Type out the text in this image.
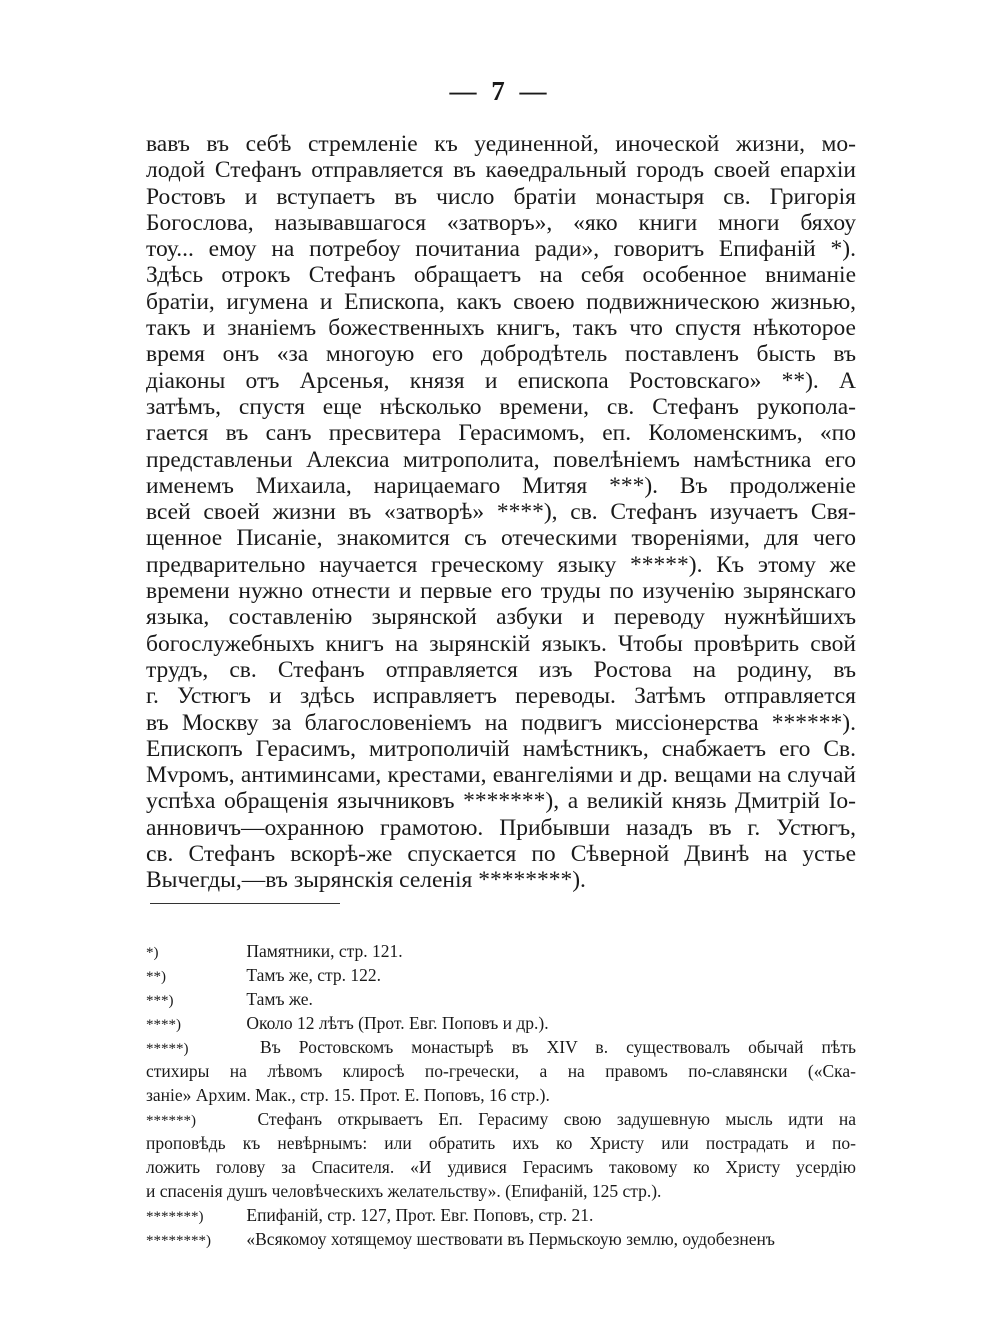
— 7 —
вавъ въ себѣ стремленіе къ уединенной, иноческой жизни, мо-
лодой Стефанъ отправляется въ каѳедральный городъ своей епархіи
Ростовъ и вступаетъ въ число братіи монастыря св. Григорія
Богослова, называвшагося «затворъ», «яко книги многи бяхоу
тоу... емоу на потребоу почитаниа ради», говоритъ Епифаній *).
Здѣсь отрокъ Стефанъ обращаетъ на себя особенное вниманіе
братіи, игумена и Епископа, какъ своею подвижническою жизнью,
такъ и знаніемъ божественныхъ книгъ, такъ что спустя нѣкоторое
время онъ «за многоую его добродѣтель поставленъ бысть въ
діаконы отъ Арсенья, князя и епископа Ростовскаго» **). А
затѣмъ, спустя еще нѣсколько времени, св. Стефанъ рукопола-
гается въ санъ пресвитера Герасимомъ, еп. Коломенскимъ, «по
представленьи Алексиа митрополита, повелѣніемъ намѣстника его
именемъ Михаила, нарицаемаго Митяя ***). Въ продолженіе
всей своей жизни въ «затворѣ» ****), св. Стефанъ изучаетъ Свя-
щенное Писаніе, знакомится съ отеческими твореніями, для чего
предварительно научается греческому языку *****). Къ этому же
времени нужно отнести и первые его труды по изученію зырянскаго
языка, составленію зырянской азбуки и переводу нужнѣйшихъ
богослужебныхъ книгъ на зырянскій языкъ. Чтобы провѣрить свой
трудъ, св. Стефанъ отправляется изъ Ростова на родину, въ
г. Устюгъ и здѣсь исправляетъ переводы. Затѣмъ отправляется
въ Москву за благословеніемъ на подвигъ миссіонерства ******).
Епископъ Герасимъ, митрополичій намѣстникъ, снабжаетъ его Св.
Мvромъ, антиминсами, крестами, евангеліями и др. вещами на случай
успѣха обращенія язычниковъ *******), а великій князь Дмитрій Іо-
анновичъ—охранною грамотою. Прибывши назадъ въ г. Устюгъ,
св. Стефанъ вскорѣ-же спускается по Сѣверной Двинѣ на устье
Вычегды,—въ зырянскія селенія ********).
*)	Памятники, стр. 121.
**)	Тамъ же, стр. 122.
***)	Тамъ же.
****)	Около 12 лѣтъ (Прот. Евг. Поповъ и др.).
*****)	Въ Ростовскомъ монастырѣ въ XIV в. существовалъ обычай пѣть
стихиры на лѣвомъ клиросѣ по-гречески, а на правомъ по-славянски («Ска-
заніе» Архим. Мак., стр. 15. Прот. Е. Поповъ, 16 стр.).
******)	Стефанъ открываетъ Еп. Герасиму свою задушевную мысль идти на
проповѣдь къ невѣрнымъ: или обратить ихъ ко Христу или пострадать и по-
ложить голову за Спасителя. «И удивися Герасимъ таковому ко Христу усердію
и спасенія душъ человѣческихъ желательству». (Епифаній, 125 стр.).
*******) Епифаній, стр. 127, Прот. Евг. Поповъ, стр. 21.
********) «Всякомоу хотящемоу шествовати въ Пермьскоую землю, оудобезненъ
